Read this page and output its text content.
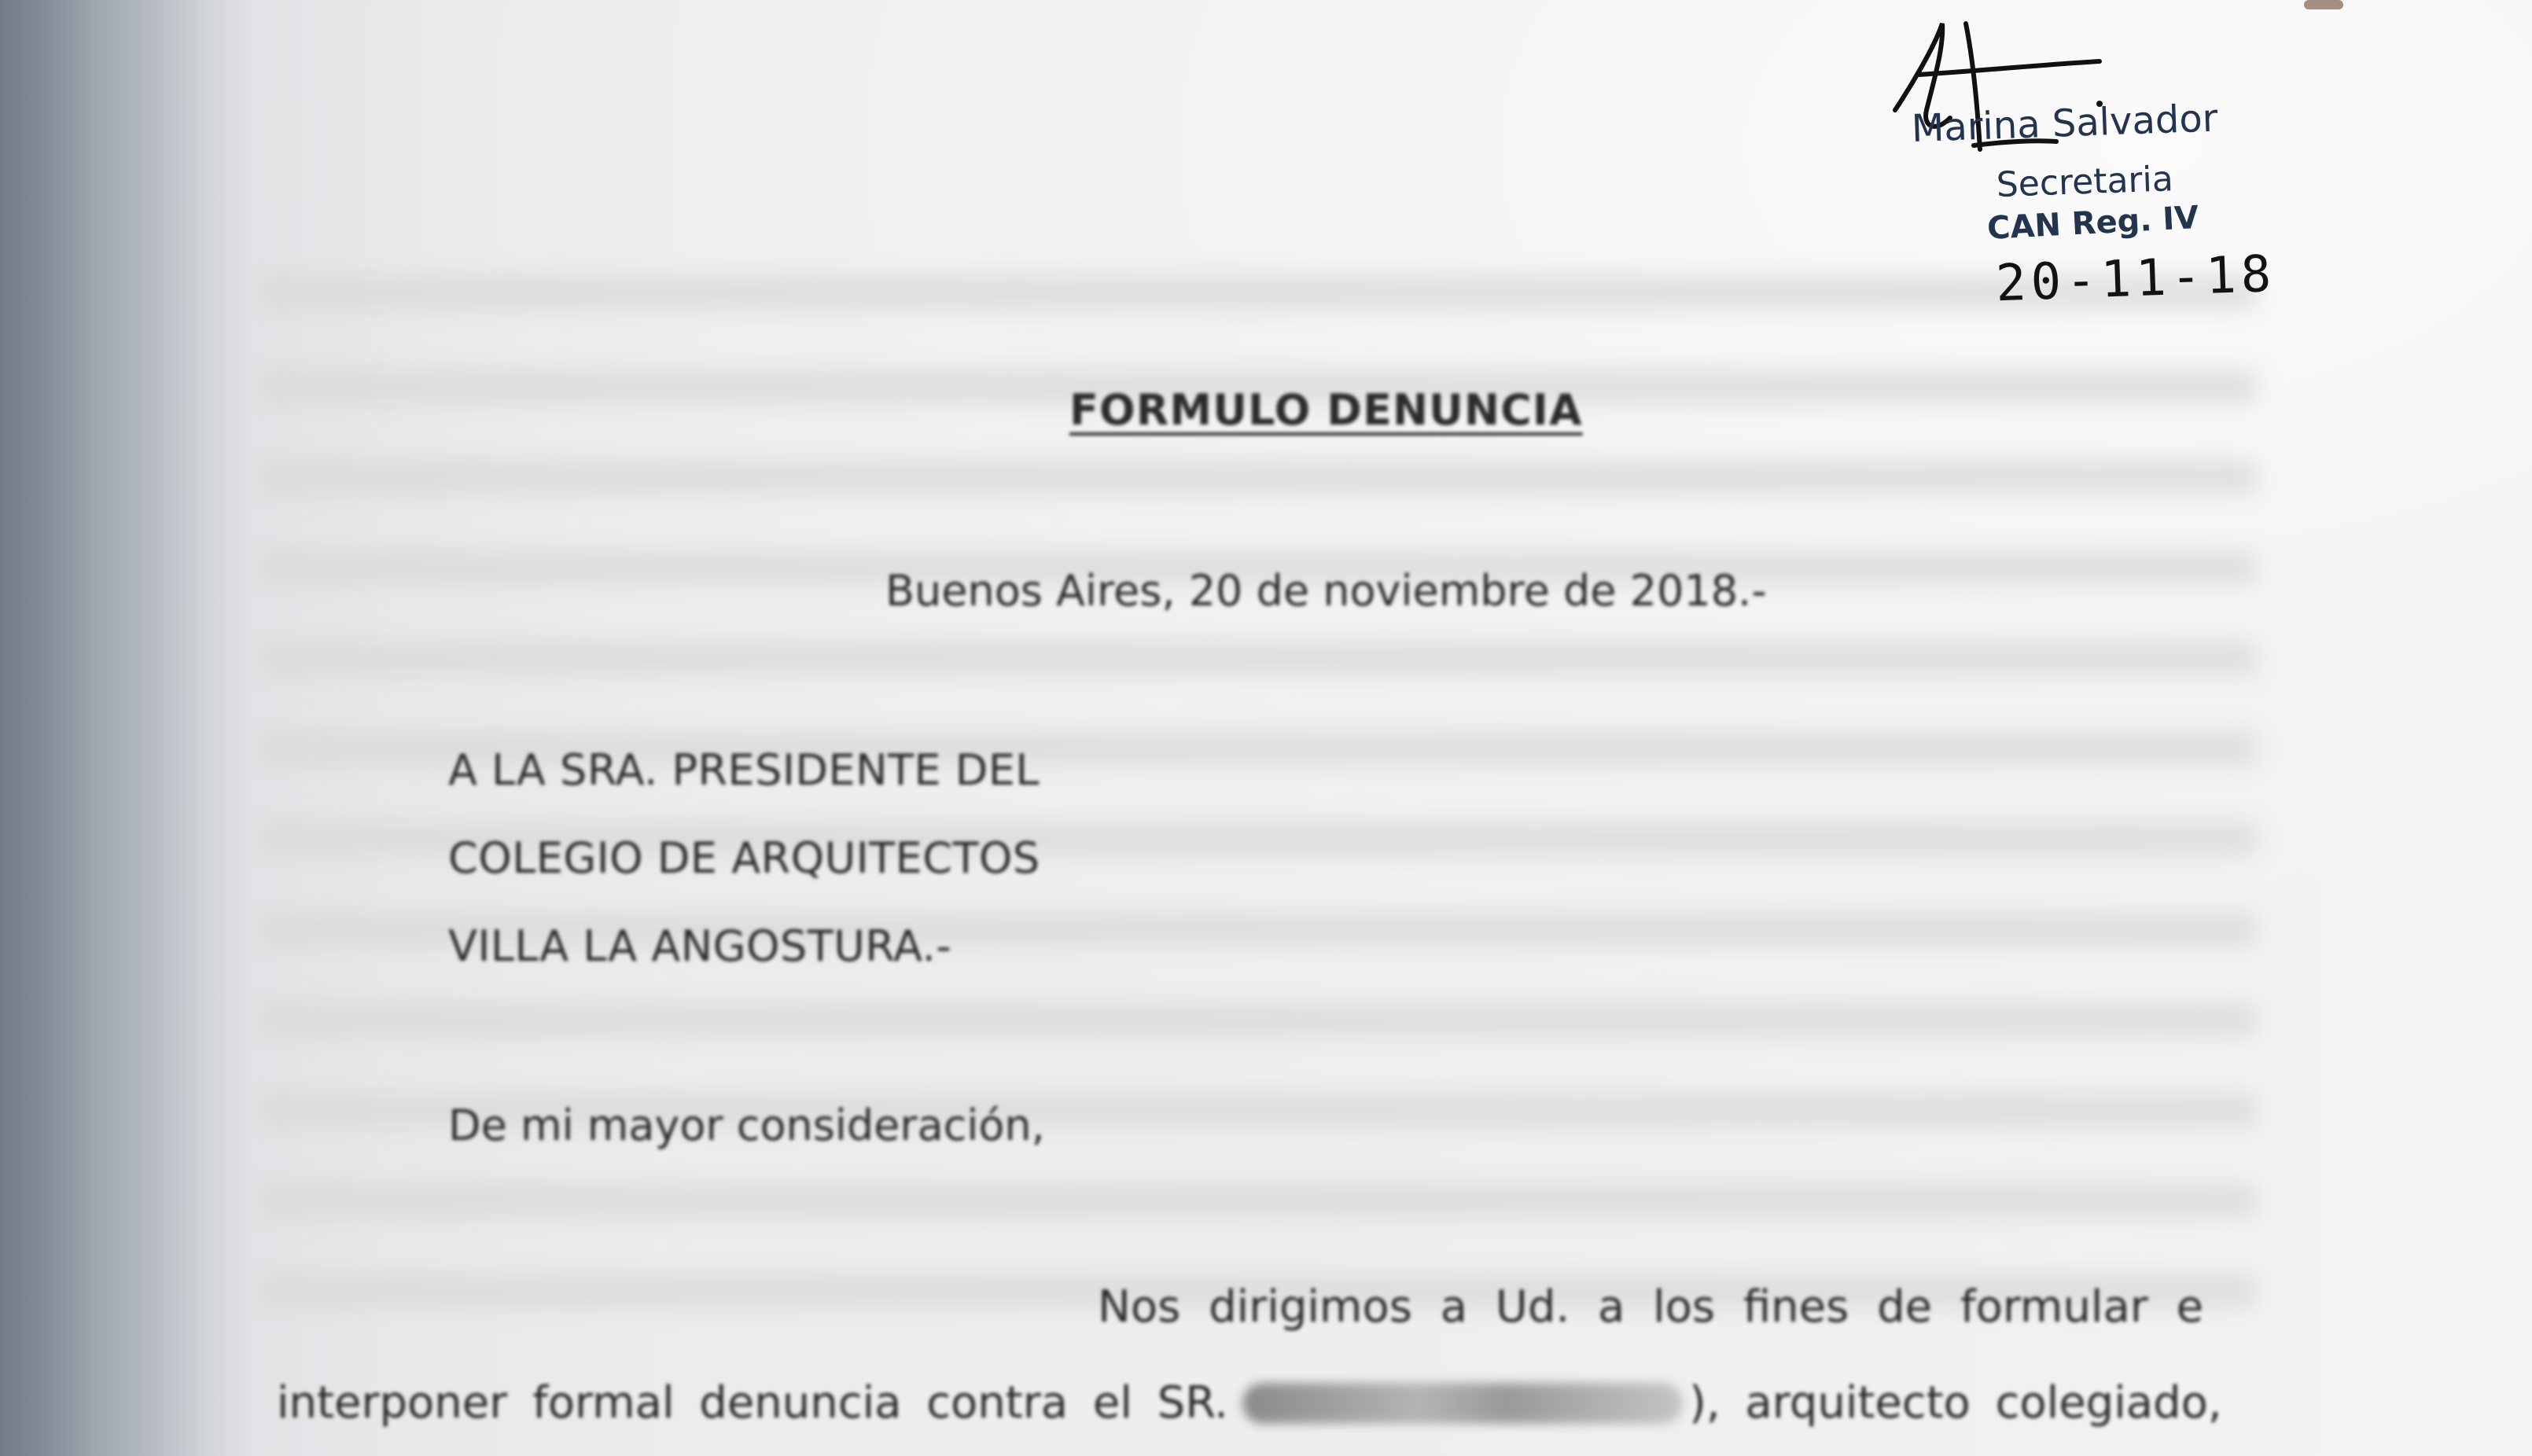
Marina Salvador
Secretaria
CAN Reg. IV
20-11-18
FORMULO DENUNCIA
Buenos Aires, 20 de noviembre de 2018.-
A LA SRA. PRESIDENTE DEL
COLEGIO DE ARQUITECTOS
VILLA LA ANGOSTURA.-
De mi mayor consideración,
Nos dirigimos a Ud. a los fines de formular e
interponer formal denuncia contra el SR.	), arquitecto colegiado,
